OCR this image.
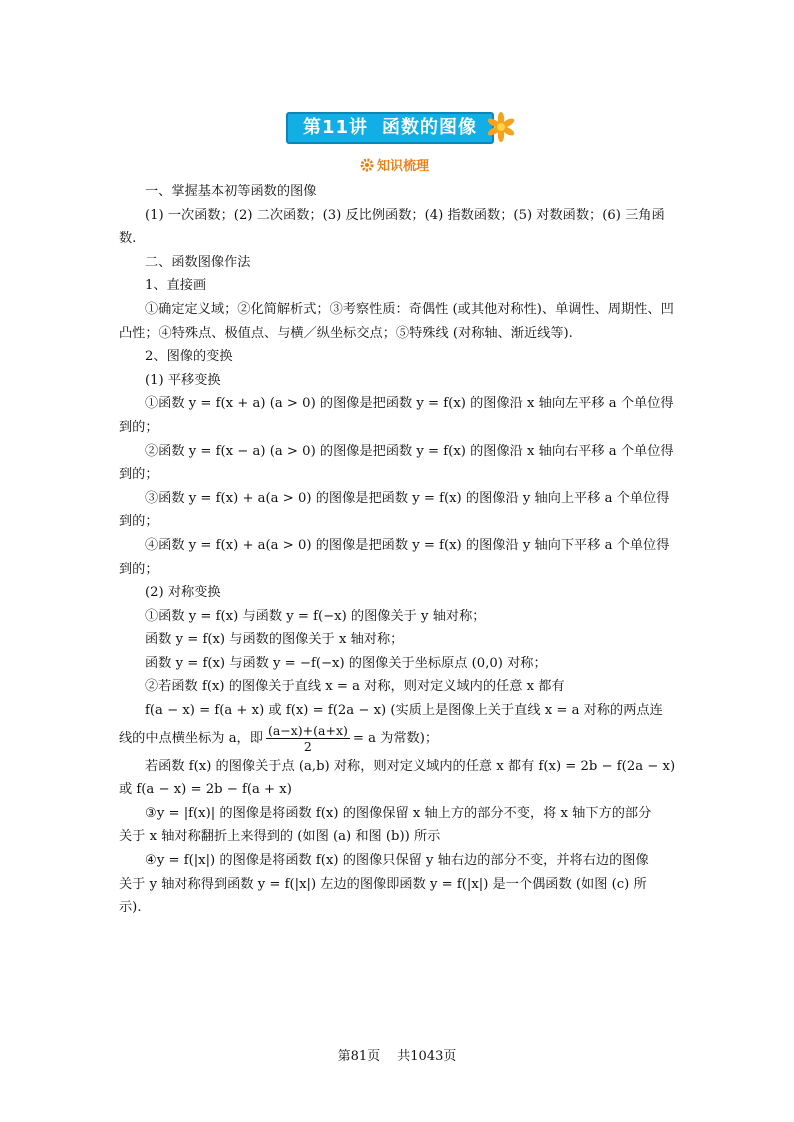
第11讲 函数的图像
知识梳理

一、掌握基本初等函数的图像

(1) 一次函数；(2) 二次函数；(3) 反比例函数；(4) 指数函数；(5) 对数函数；(6) 三角函

数.

二、函数图像作法

1、直接画

①确定定义域；②化简解析式；③考察性质：奇偶性 (或其他对称性)、单调性、周期性、凹

凸性；④特殊点、极值点、与横／纵坐标交点；⑤特殊线 (对称轴、渐近线等).

2、图像的变换

(1) 平移变换

①函数 y = f(x + a) (a > 0) 的图像是把函数 y = f(x) 的图像沿 x 轴向左平移 a 个单位得

到的；

②函数 y = f(x − a) (a > 0) 的图像是把函数 y = f(x) 的图像沿 x 轴向右平移 a 个单位得

到的；

③函数 y = f(x) + a(a > 0) 的图像是把函数 y = f(x) 的图像沿 y 轴向上平移 a 个单位得

到的；

④函数 y = f(x) + a(a > 0) 的图像是把函数 y = f(x) 的图像沿 y 轴向下平移 a 个单位得

到的；

(2) 对称变换

①函数 y = f(x) 与函数 y = f(−x) 的图像关于 y 轴对称；

函数 y = f(x) 与函数的图像关于 x 轴对称；

函数 y = f(x) 与函数 y = −f(−x) 的图像关于坐标原点 (0,0) 对称；

②若函数 f(x) 的图像关于直线 x = a 对称，则对定义域内的任意 x 都有

f(a − x) = f(a + x) 或 f(x) = f(2a − x) (实质上是图像上关于直线 x = a 对称的两点连

线的中点横坐标为 a，即 $\frac{(a-x)+(a+x)}{2} = a$ 为常数)；

若函数 f(x) 的图像关于点 (a,b) 对称，则对定义域内的任意 x 都有 f(x) = 2b − f(2a − x)

或 f(a − x) = 2b − f(a + x)

③y = |f(x)| 的图像是将函数 f(x) 的图像保留 x 轴上方的部分不变，将 x 轴下方的部分

关于 x 轴对称翻折上来得到的 (如图 (a) 和图 (b)) 所示

④y = f(|x|) 的图像是将函数 f(x) 的图像只保留 y 轴右边的部分不变，并将右边的图像

关于 y 轴对称得到函数 y = f(|x|) 左边的图像即函数 y = f(|x|) 是一个偶函数 (如图 (c) 所

示).

第81页　 共1043页
